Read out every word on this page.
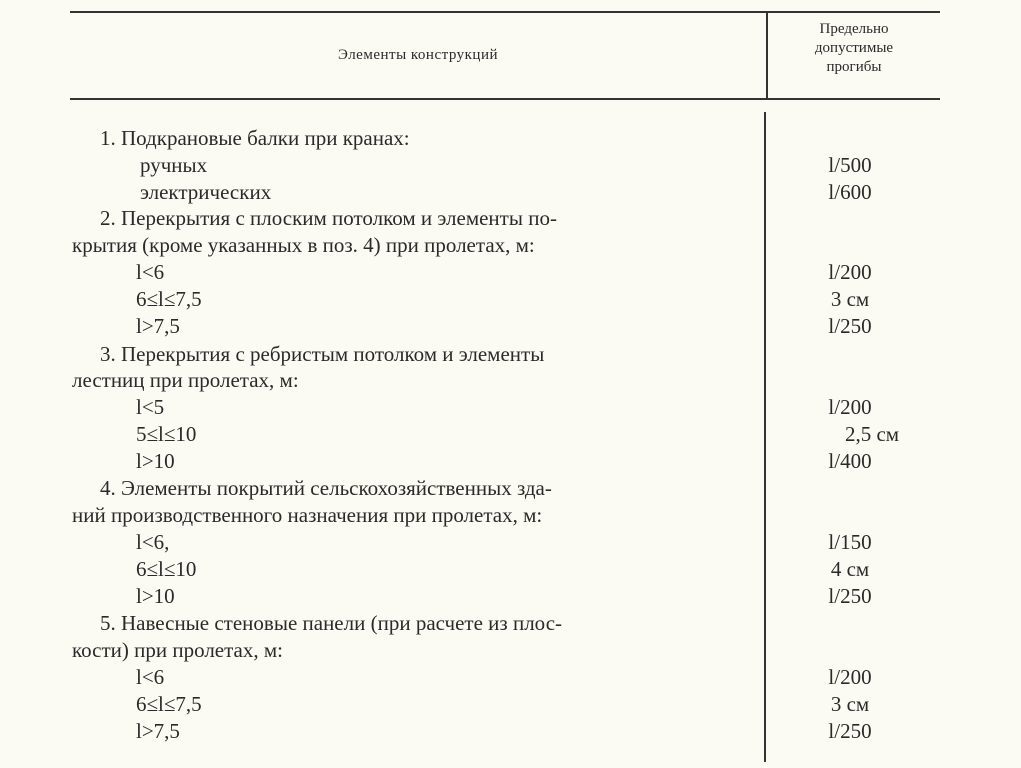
Элементы конструкций
Предельно
допустимые
прогибы
1. Подкрановые балки при кранах:
ручных	l/500
электрических	l/600
2. Перекрытия с плоским потолком и элементы по-
крытия (кроме указанных в поз. 4) при пролетах, м:
l<6	l/200
6≤l≤7,5	3 см
l>7,5	l/250
3. Перекрытия с ребристым потолком и элементы
лестниц при пролетах, м:
l<5	l/200
5≤l≤10	2,5 см
l>10	l/400
4. Элементы покрытий сельскохозяйственных зда-
ний производственного назначения при пролетах, м:
l<6,	l/150
6≤l≤10	4 см
l>10	l/250
5. Навесные стеновые панели (при расчете из плос-
кости) при пролетах, м:
l<6	l/200
6≤l≤7,5	3 см
l>7,5	l/250
